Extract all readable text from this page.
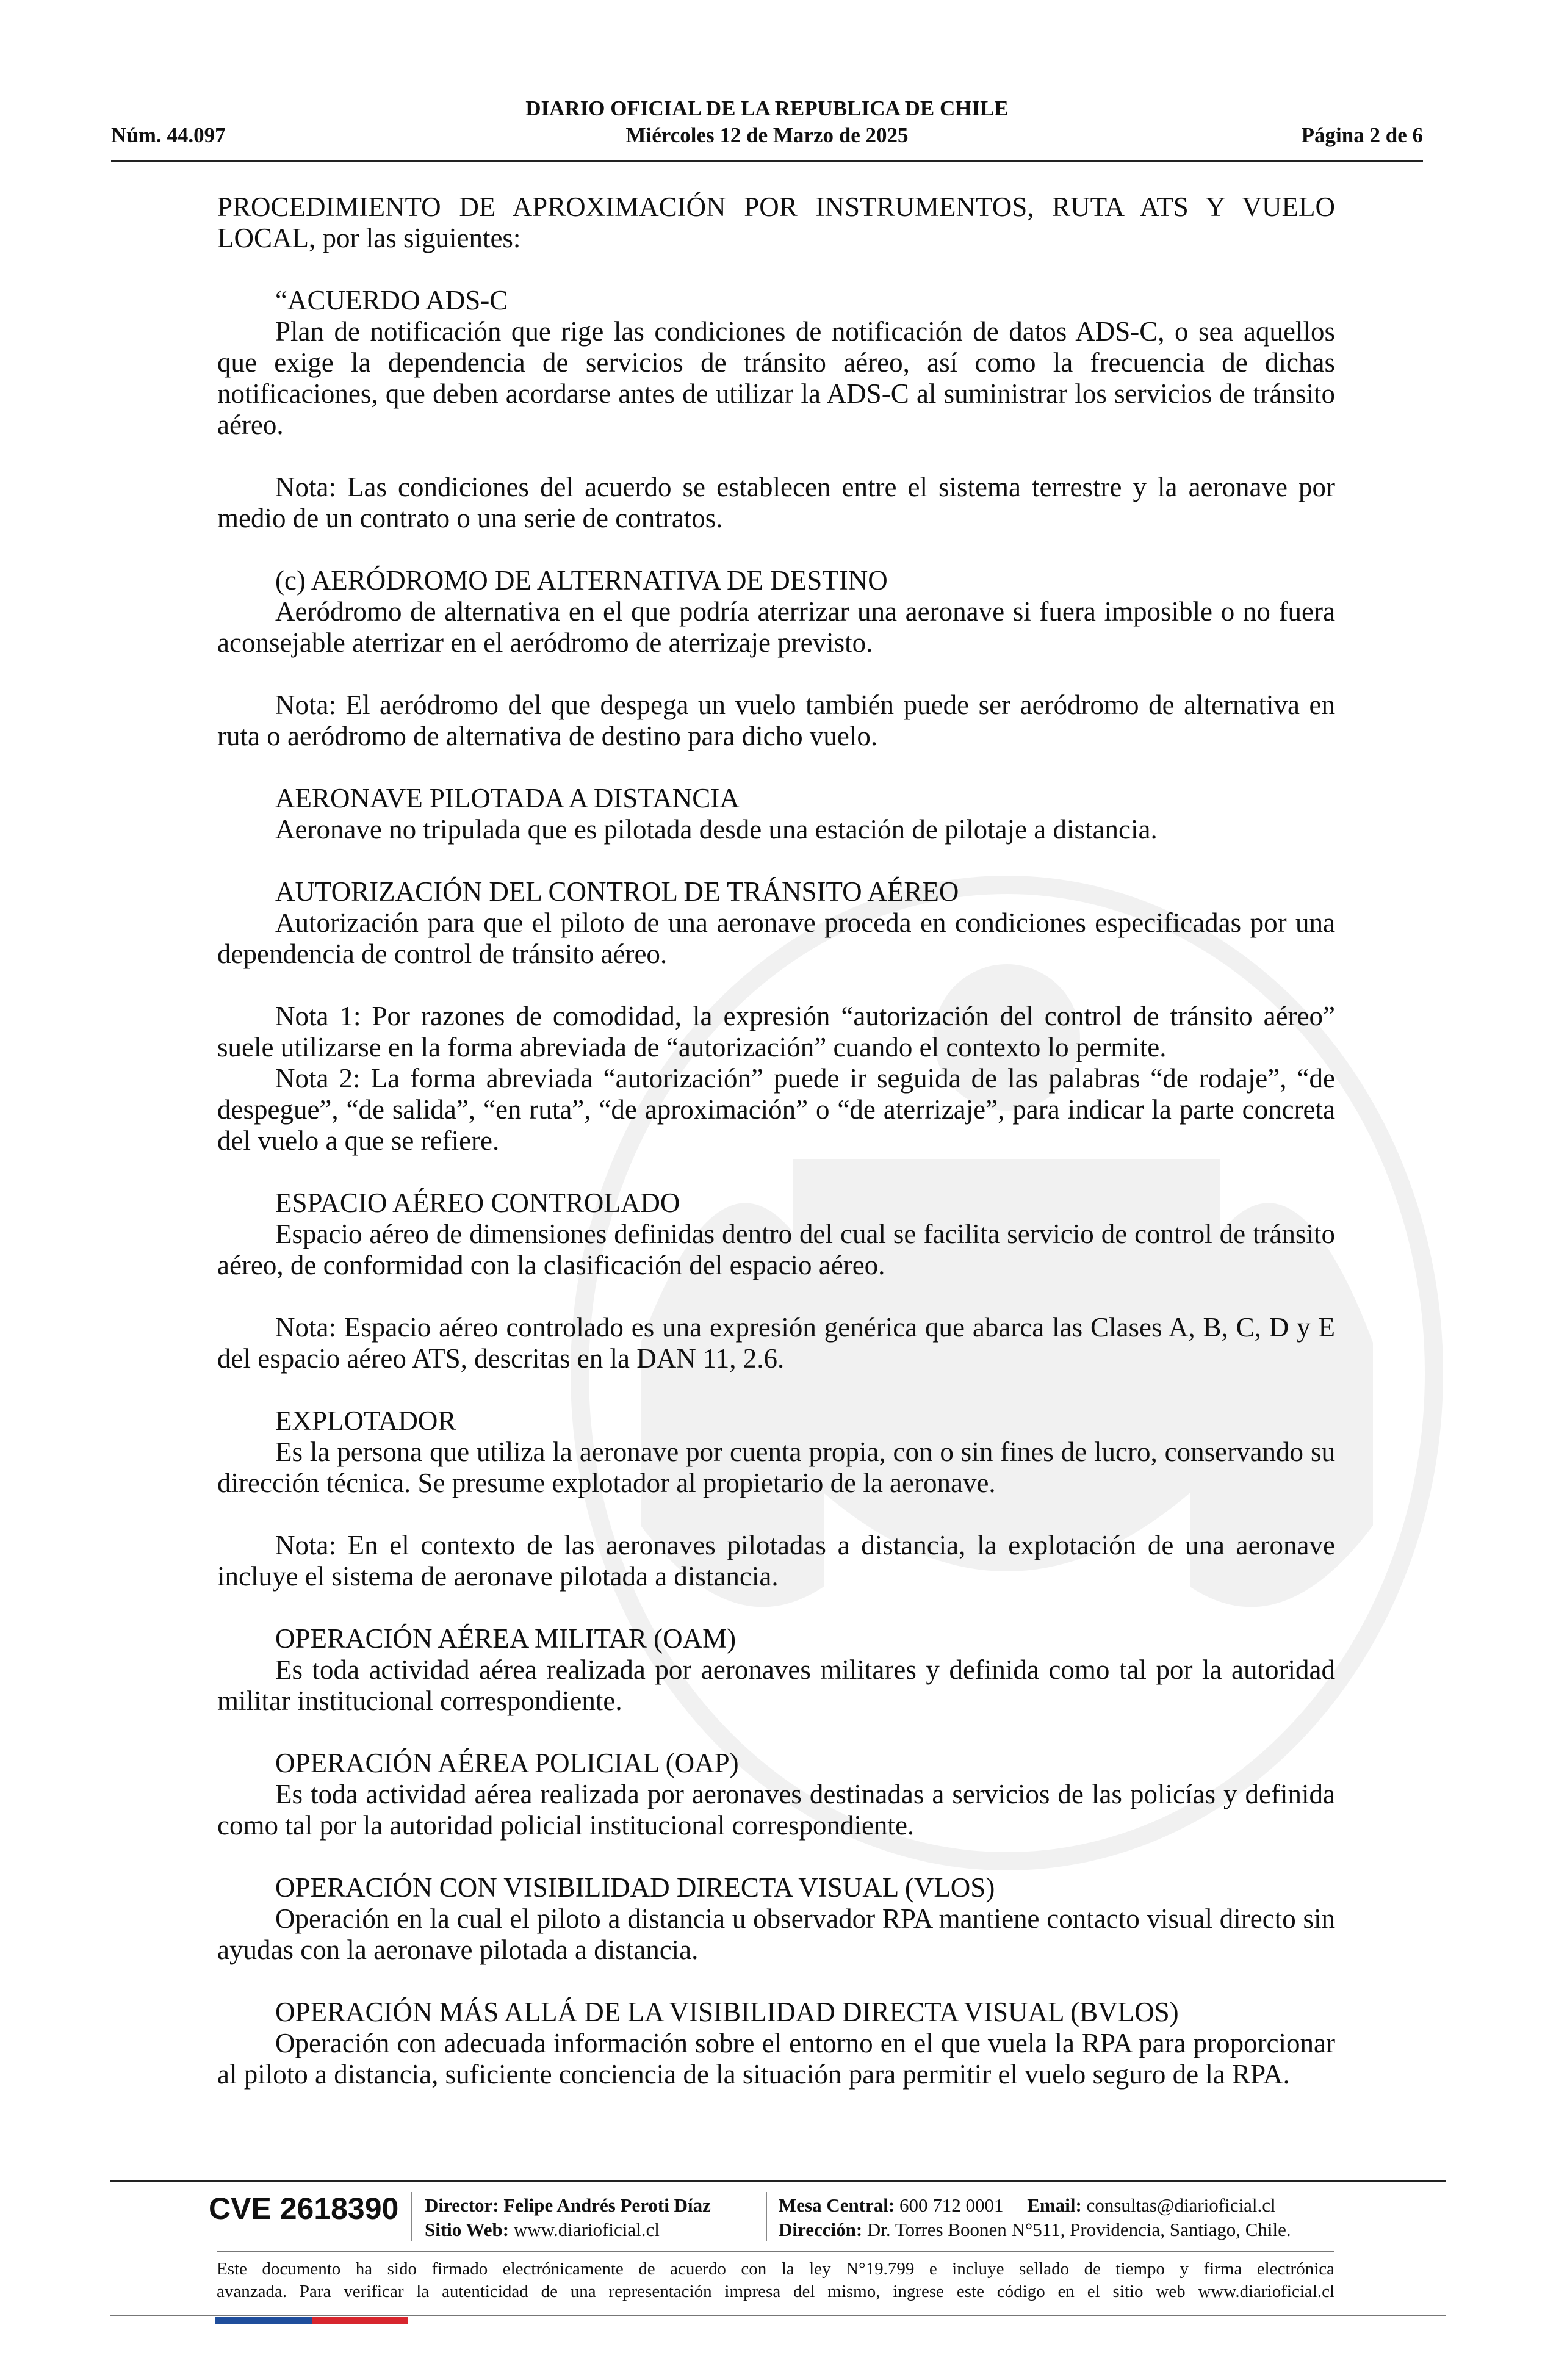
DIARIO OFICIAL DE LA REPUBLICA DE CHILE
Núm. 44.097	Miércoles 12 de Marzo de 2025	Página 2 de 6

PROCEDIMIENTO DE APROXIMACIÓN POR INSTRUMENTOS, RUTA ATS Y VUELO LOCAL, por las siguientes:

“ACUERDO ADS-C

Plan de notificación que rige las condiciones de notificación de datos ADS-C, o sea aquellos que exige la dependencia de servicios de tránsito aéreo, así como la frecuencia de dichas notificaciones, que deben acordarse antes de utilizar la ADS-C al suministrar los servicios de tránsito aéreo.

Nota: Las condiciones del acuerdo se establecen entre el sistema terrestre y la aeronave por medio de un contrato o una serie de contratos.

(c) AERÓDROMO DE ALTERNATIVA DE DESTINO

Aeródromo de alternativa en el que podría aterrizar una aeronave si fuera imposible o no fuera aconsejable aterrizar en el aeródromo de aterrizaje previsto.

Nota: El aeródromo del que despega un vuelo también puede ser aeródromo de alternativa en ruta o aeródromo de alternativa de destino para dicho vuelo.

AERONAVE PILOTADA A DISTANCIA

Aeronave no tripulada que es pilotada desde una estación de pilotaje a distancia.

AUTORIZACIÓN DEL CONTROL DE TRÁNSITO AÉREO

Autorización para que el piloto de una aeronave proceda en condiciones especificadas por una dependencia de control de tránsito aéreo.

Nota 1: Por razones de comodidad, la expresión “autorización del control de tránsito aéreo” suele utilizarse en la forma abreviada de “autorización” cuando el contexto lo permite.

Nota 2: La forma abreviada “autorización” puede ir seguida de las palabras “de rodaje”, “de despegue”, “de salida”, “en ruta”, “de aproximación” o “de aterrizaje”, para indicar la parte concreta del vuelo a que se refiere.

ESPACIO AÉREO CONTROLADO

Espacio aéreo de dimensiones definidas dentro del cual se facilita servicio de control de tránsito aéreo, de conformidad con la clasificación del espacio aéreo.

Nota: Espacio aéreo controlado es una expresión genérica que abarca las Clases A, B, C, D y E del espacio aéreo ATS, descritas en la DAN 11, 2.6.

EXPLOTADOR

Es la persona que utiliza la aeronave por cuenta propia, con o sin fines de lucro, conservando su dirección técnica. Se presume explotador al propietario de la aeronave.

Nota: En el contexto de las aeronaves pilotadas a distancia, la explotación de una aeronave incluye el sistema de aeronave pilotada a distancia.

OPERACIÓN AÉREA MILITAR (OAM)

Es toda actividad aérea realizada por aeronaves militares y definida como tal por la autoridad militar institucional correspondiente.

OPERACIÓN AÉREA POLICIAL (OAP)

Es toda actividad aérea realizada por aeronaves destinadas a servicios de las policías y definida como tal por la autoridad policial institucional correspondiente.

OPERACIÓN CON VISIBILIDAD DIRECTA VISUAL (VLOS)

Operación en la cual el piloto a distancia u observador RPA mantiene contacto visual directo sin ayudas con la aeronave pilotada a distancia.

OPERACIÓN MÁS ALLÁ DE LA VISIBILIDAD DIRECTA VISUAL (BVLOS)

Operación con adecuada información sobre el entorno en el que vuela la RPA para proporcionar al piloto a distancia, suficiente conciencia de la situación para permitir el vuelo seguro de la RPA.

CVE 2618390 Director: Felipe Andrés Peroti Díaz
Sitio Web: www.diarioficial.cl
Mesa Central: 600 712 0001 Email: consultas@diarioficial.cl
Dirección: Dr. Torres Boonen N°511, Providencia, Santiago, Chile.
Este documento ha sido firmado electrónicamente de acuerdo con la ley N°19.799 e incluye sellado de tiempo y firma electrónica
avanzada. Para verificar la autenticidad de una representación impresa del mismo, ingrese este código en el sitio web www.diarioficial.cl
